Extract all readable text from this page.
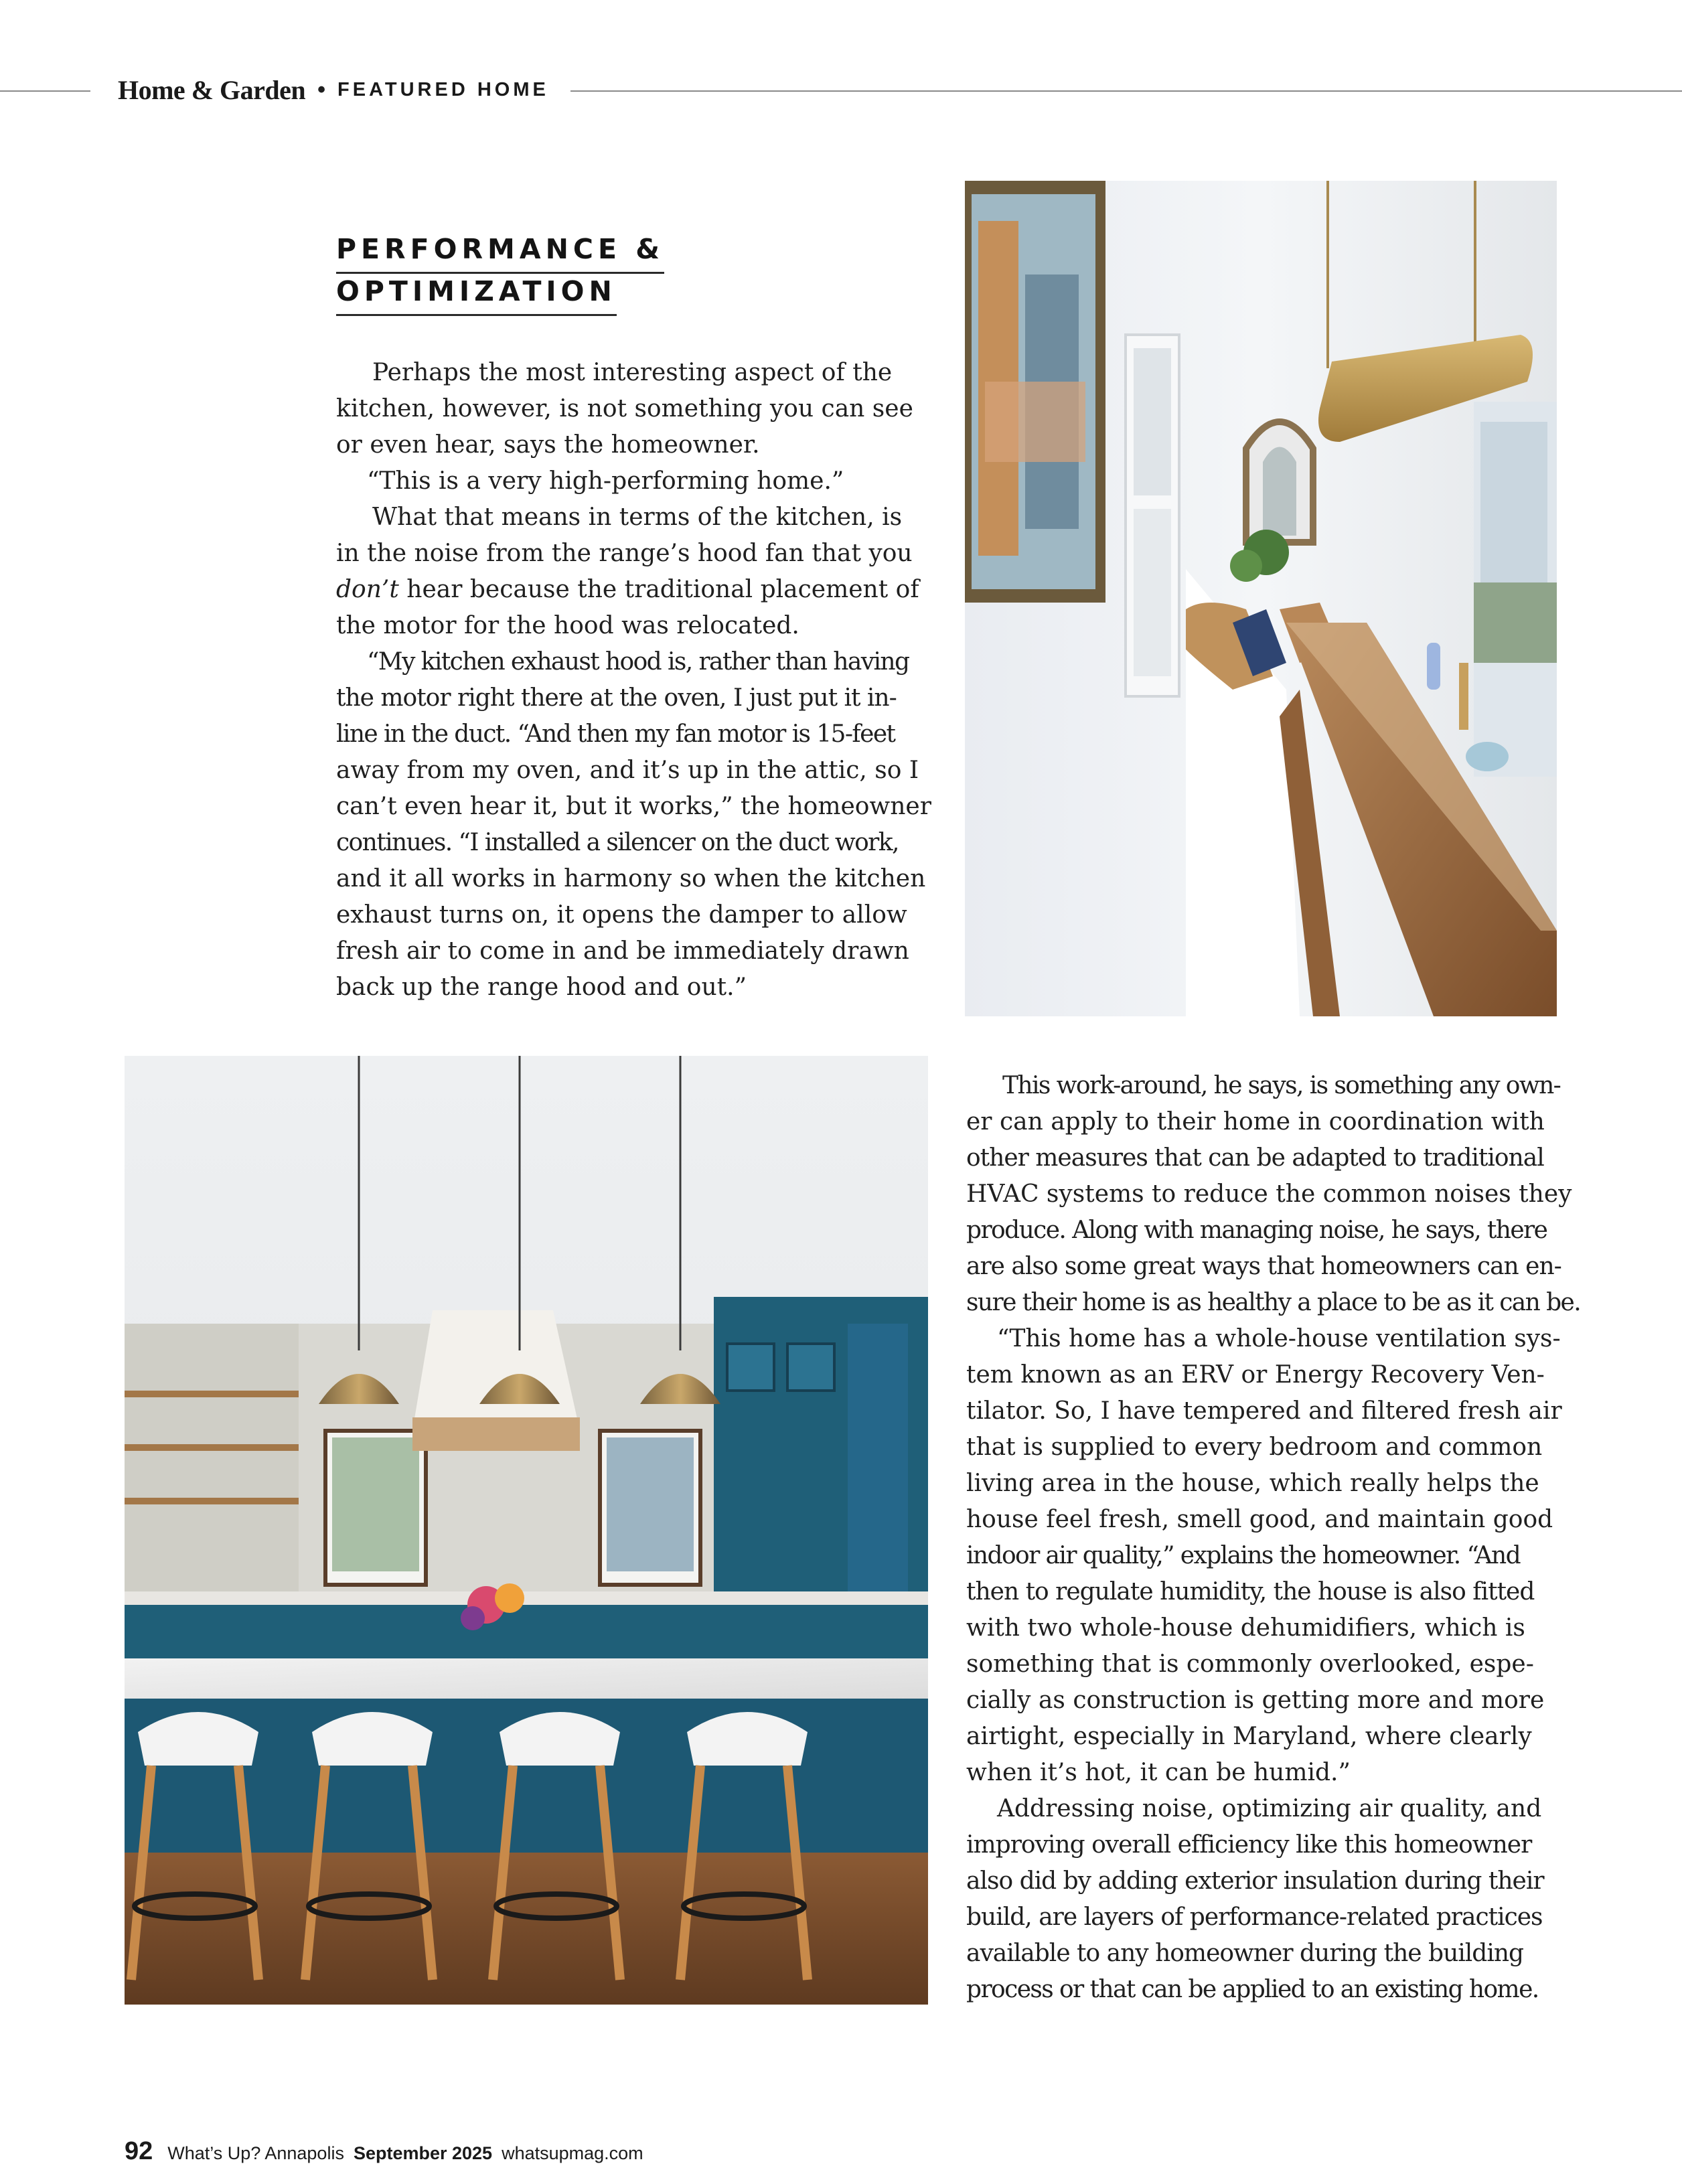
Home & Garden • FEATURED HOME
PERFORMANCE &
OPTIMIZATION

Perhaps the most interesting aspect of the

kitchen, however, is not something you can see

or even hear, says the homeowner.

“This is a very high-performing home.”

What that means in terms of the kitchen, is

in the noise from the range’s hood fan that you

don’t hear because the traditional placement of

the motor for the hood was relocated.

“My kitchen exhaust hood is, rather than having

the motor right there at the oven, I just put it in-

line in the duct. “And then my fan motor is 15-feet

away from my oven, and it’s up in the attic, so I

can’t even hear it, but it works,” the homeowner

continues. “I installed a silencer on the duct work,

and it all works in harmony so when the kitchen

exhaust turns on, it opens the damper to allow

fresh air to come in and be immediately drawn

back up the range hood and out.”

This work-around, he says, is something any own-

er can apply to their home in coordination with

other measures that can be adapted to traditional

HVAC systems to reduce the common noises they

produce. Along with managing noise, he says, there

are also some great ways that homeowners can en-

sure their home is as healthy a place to be as it can be.

“This home has a whole-house ventilation sys-

tem known as an ERV or Energy Recovery Ven-

tilator. So, I have tempered and filtered fresh air

that is supplied to every bedroom and common

living area in the house, which really helps the

house feel fresh, smell good, and maintain good

indoor air quality,” explains the homeowner. “And

then to regulate humidity, the house is also fitted

with two whole-house dehumidifiers, which is

something that is commonly overlooked, espe-

cially as construction is getting more and more

airtight, especially in Maryland, where clearly

when it’s hot, it can be humid.”

Addressing noise, optimizing air quality, and

improving overall efficiency like this homeowner

also did by adding exterior insulation during their

build, are layers of performance-related practices

available to any homeowner during the building

process or that can be applied to an existing home.

92 What’s Up? Annapolis September 2025 whatsupmag.com
